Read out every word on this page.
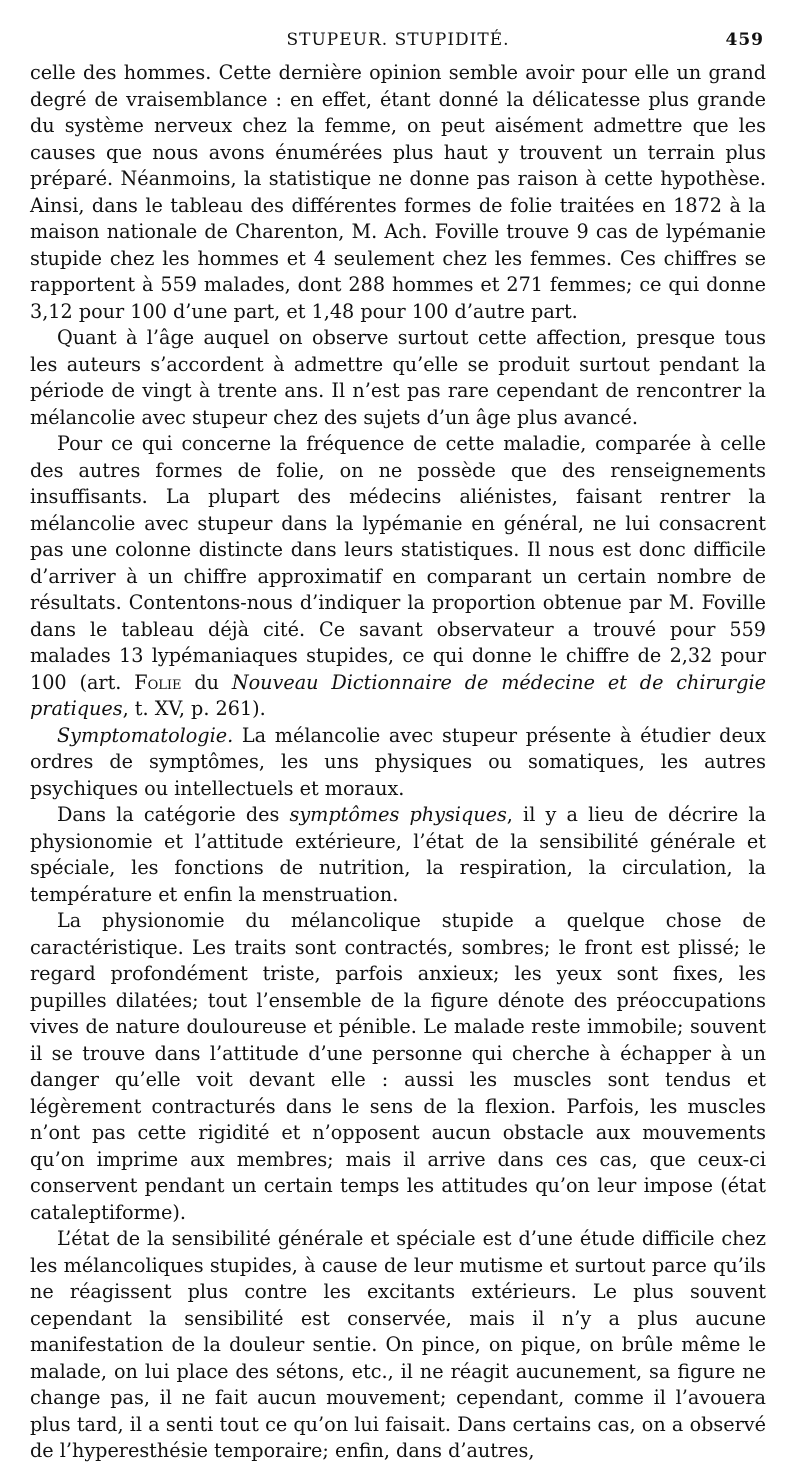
STUPEUR. STUPIDITÉ.	459

celle des hommes. Cette dernière opinion semble avoir pour elle un grand degré de vraisemblance : en effet, étant donné la délicatesse plus grande du système nerveux chez la femme, on peut aisément admettre que les causes que nous avons énumérées plus haut y trouvent un terrain plus préparé. Néanmoins, la statistique ne donne pas raison à cette hypothèse. Ainsi, dans le tableau des différentes formes de folie traitées en 1872 à la maison nationale de Charenton, M. Ach. Foville trouve 9 cas de lypémanie stupide chez les hommes et 4 seulement chez les femmes. Ces chiffres se rapportent à 559 malades, dont 288 hommes et 271 femmes; ce qui donne 3,12 pour 100 d’une part, et 1,48 pour 100 d’autre part.

Quant à l’âge auquel on observe surtout cette affection, presque tous les auteurs s’accordent à admettre qu’elle se produit surtout pendant la période de vingt à trente ans. Il n’est pas rare cependant de rencontrer la mélancolie avec stupeur chez des sujets d’un âge plus avancé.

Pour ce qui concerne la fréquence de cette maladie, comparée à celle des autres formes de folie, on ne possède que des renseignements insuffisants. La plupart des médecins aliénistes, faisant rentrer la mélancolie avec stupeur dans la lypémanie en général, ne lui consacrent pas une colonne distincte dans leurs statistiques. Il nous est donc difficile d’arriver à un chiffre approximatif en comparant un certain nombre de résultats. Contentons-nous d’indiquer la proportion obtenue par M. Foville dans le tableau déjà cité. Ce savant observateur a trouvé pour 559 malades 13 lypémaniaques stupides, ce qui donne le chiffre de 2,32 pour 100 (art. Folie du Nouveau Dictionnaire de médecine et de chirurgie pratiques, t. XV, p. 261).

Symptomatologie. La mélancolie avec stupeur présente à étudier deux ordres de symptômes, les uns physiques ou somatiques, les autres psychiques ou intellectuels et moraux.

Dans la catégorie des symptômes physiques, il y a lieu de décrire la physionomie et l’attitude extérieure, l’état de la sensibilité générale et spéciale, les fonctions de nutrition, la respiration, la circulation, la température et enfin la menstruation.

La physionomie du mélancolique stupide a quelque chose de caractéristique. Les traits sont contractés, sombres; le front est plissé; le regard profondément triste, parfois anxieux; les yeux sont fixes, les pupilles dilatées; tout l’ensemble de la figure dénote des préoccupations vives de nature douloureuse et pénible. Le malade reste immobile; souvent il se trouve dans l’attitude d’une personne qui cherche à échapper à un danger qu’elle voit devant elle : aussi les muscles sont tendus et légèrement contracturés dans le sens de la flexion. Parfois, les muscles n’ont pas cette rigidité et n’opposent aucun obstacle aux mouvements qu’on imprime aux membres; mais il arrive dans ces cas, que ceux-ci conservent pendant un certain temps les attitudes qu’on leur impose (état cataleptiforme).

L’état de la sensibilité générale et spéciale est d’une étude difficile chez les mélancoliques stupides, à cause de leur mutisme et surtout parce qu’ils ne réagissent plus contre les excitants extérieurs. Le plus souvent cependant la sensibilité est conservée, mais il n’y a plus aucune manifestation de la douleur sentie. On pince, on pique, on brûle même le malade, on lui place des sétons, etc., il ne réagit aucunement, sa figure ne change pas, il ne fait aucun mouvement; cependant, comme il l’avouera plus tard, il a senti tout ce qu’on lui faisait. Dans certains cas, on a observé de l’hyperesthésie temporaire; enfin, dans d’autres,
